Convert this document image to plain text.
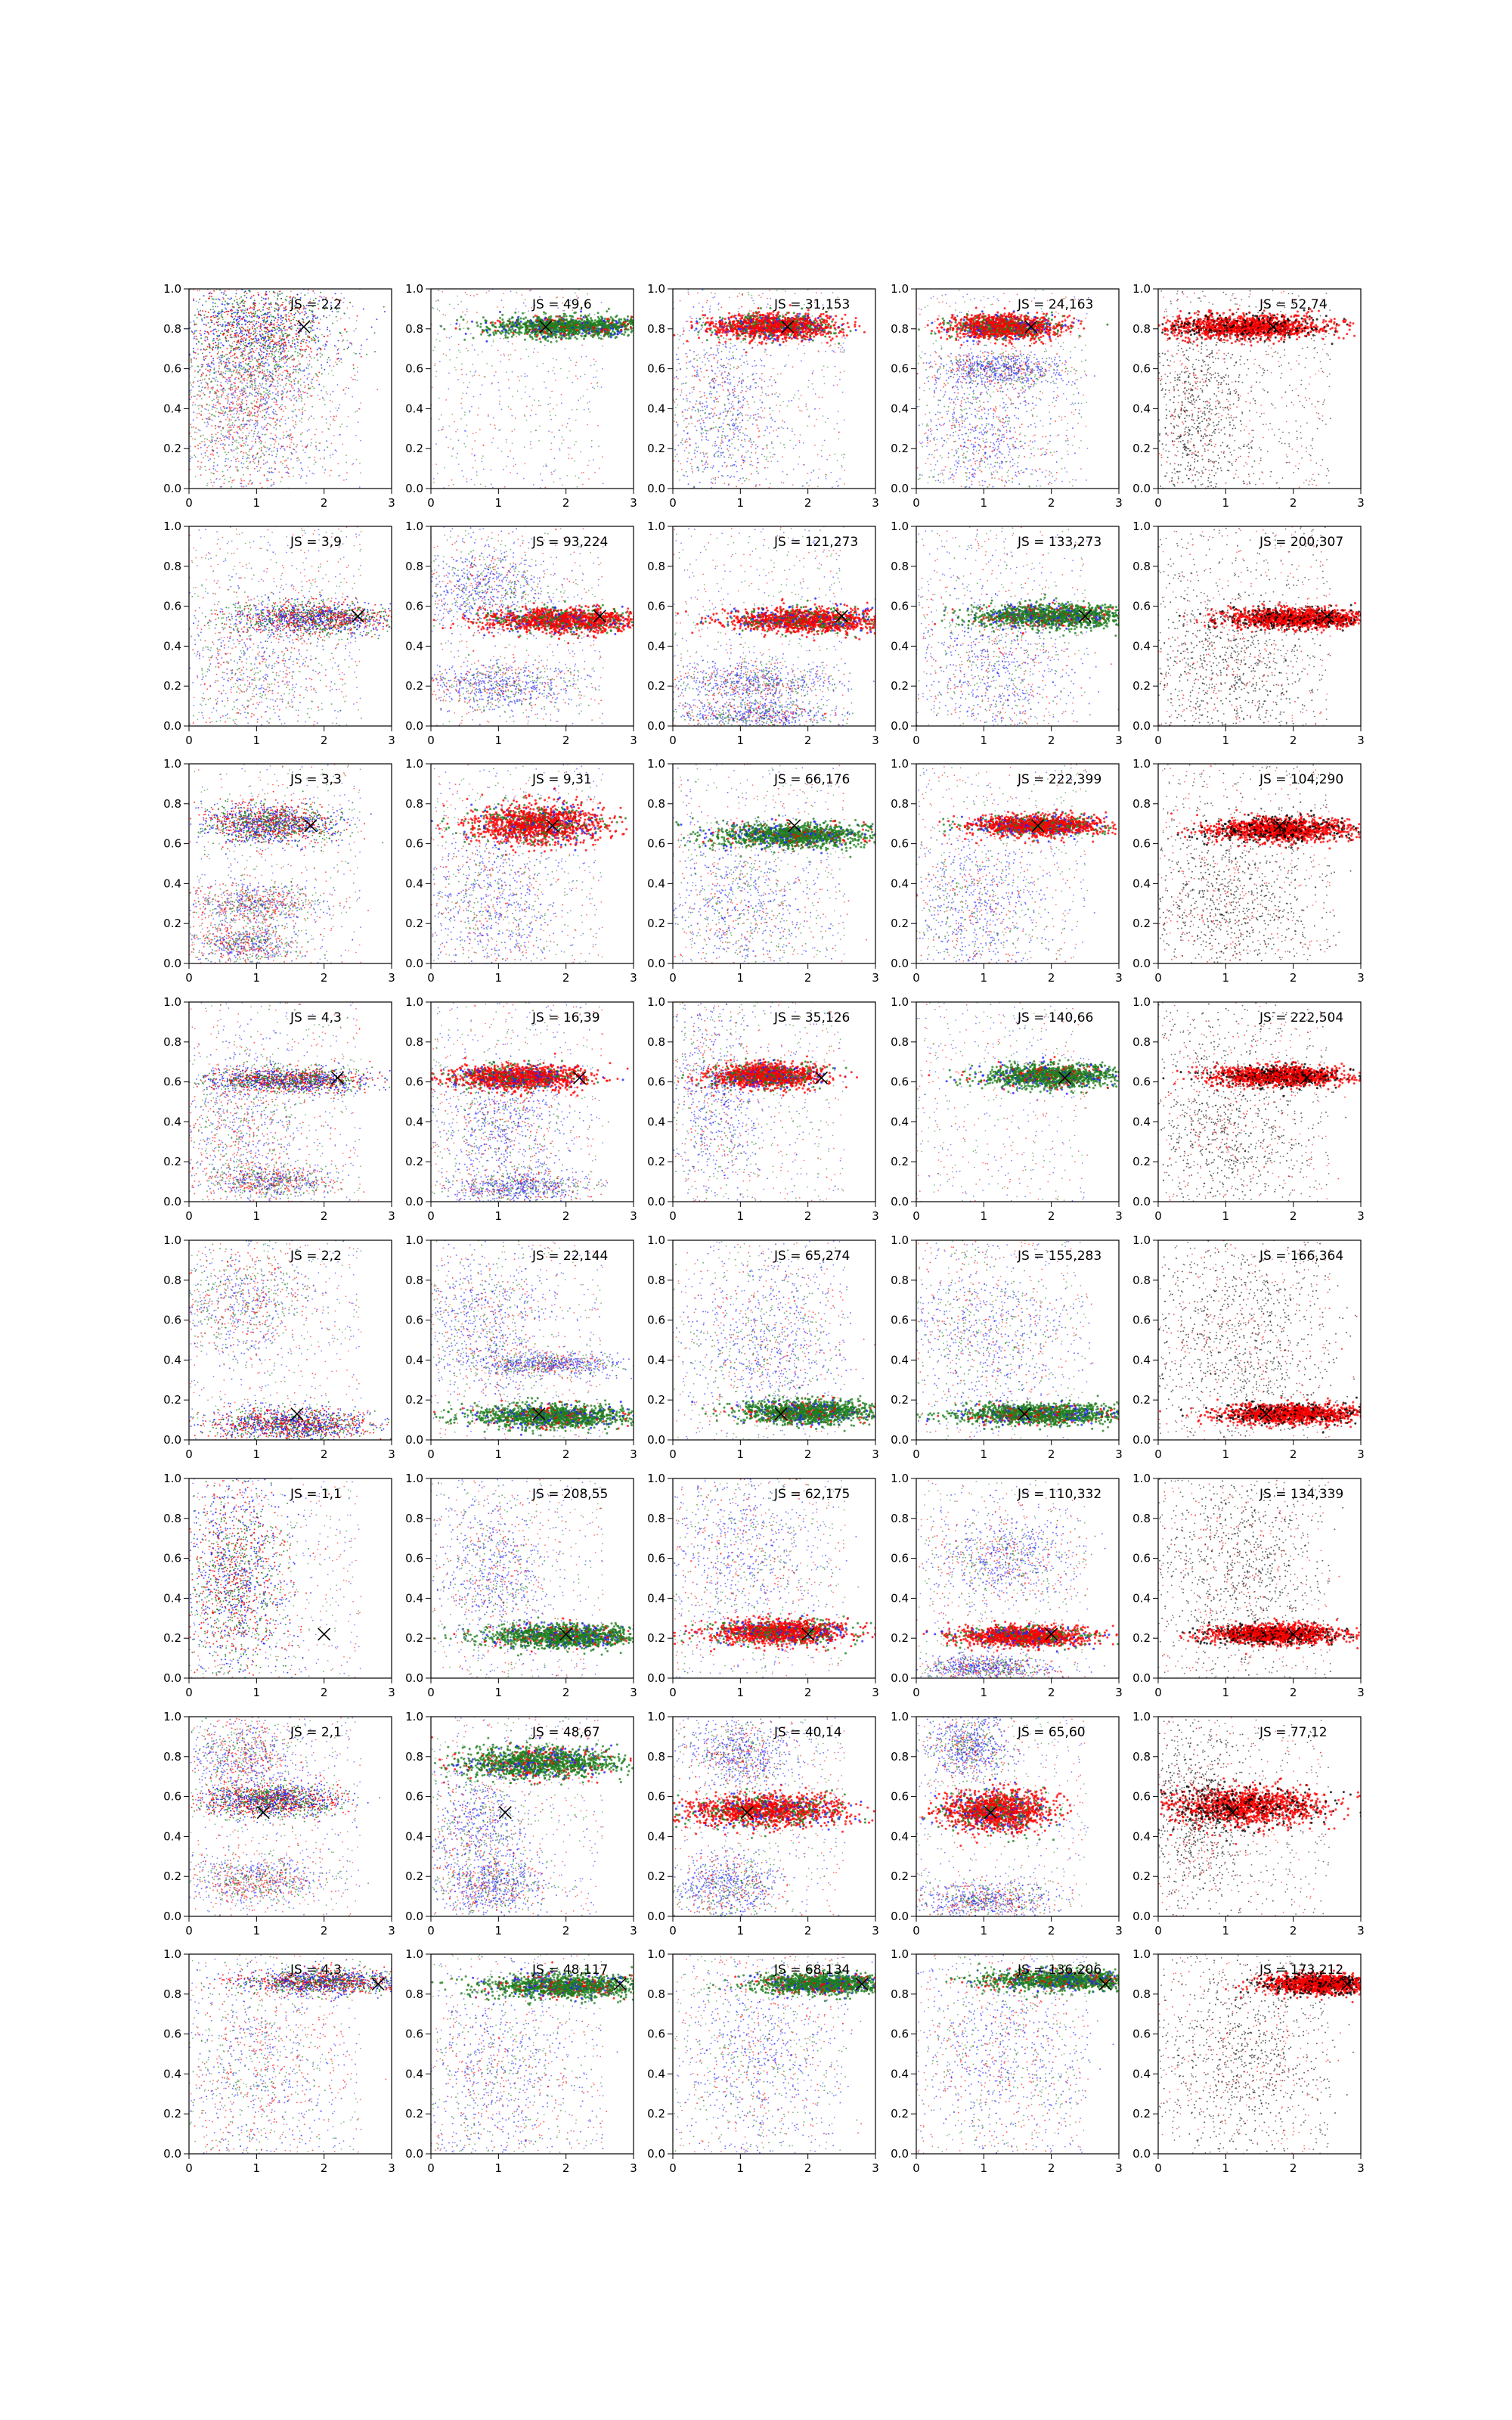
0	1	2	3
0.0
0.2
0.4
0.6
0.8
1.0
JS = 2,2
0	1	2	3
0.0
0.2
0.4
0.6
0.8
1.0
JS = 49,6
0	1	2	3
0.0
0.2
0.4
0.6
0.8
1.0
JS = 31,153
0	1	2	3
0.0
0.2
0.4
0.6
0.8
1.0
JS = 24,163
0	1	2	3
0.0
0.2
0.4
0.6
0.8
1.0
JS = 52,74
0	1	2	3
0.0
0.2
0.4
0.6
0.8
1.0
JS = 3,9
0	1	2	3
0.0
0.2
0.4
0.6
0.8
1.0
JS = 93,224
0	1	2	3
0.0
0.2
0.4
0.6
0.8
1.0
JS = 121,273
0	1	2	3
0.0
0.2
0.4
0.6
0.8
1.0
JS = 133,273
0	1	2	3
0.0
0.2
0.4
0.6
0.8
1.0
JS = 200,307
0	1	2	3
0.0
0.2
0.4
0.6
0.8
1.0
JS = 3,3
0	1	2	3
0.0
0.2
0.4
0.6
0.8
1.0
JS = 9,31
0	1	2	3
0.0
0.2
0.4
0.6
0.8
1.0
JS = 66,176
0	1	2	3
0.0
0.2
0.4
0.6
0.8
1.0
JS = 222,399
0	1	2	3
0.0
0.2
0.4
0.6
0.8
1.0
JS = 104,290
0	1	2	3
0.0
0.2
0.4
0.6
0.8
1.0
JS = 4,3
0	1	2	3
0.0
0.2
0.4
0.6
0.8
1.0
JS = 16,39
0	1	2	3
0.0
0.2
0.4
0.6
0.8
1.0
JS = 35,126
0	1	2	3
0.0
0.2
0.4
0.6
0.8
1.0
JS = 140,66
0	1	2	3
0.0
0.2
0.4
0.6
0.8
1.0
JS = 222,504
0	1	2	3
0.0
0.2
0.4
0.6
0.8
1.0
JS = 2,2
0	1	2	3
0.0
0.2
0.4
0.6
0.8
1.0
JS = 22,144
0	1	2	3
0.0
0.2
0.4
0.6
0.8
1.0
JS = 65,274
0	1	2	3
0.0
0.2
0.4
0.6
0.8
1.0
JS = 155,283
0	1	2	3
0.0
0.2
0.4
0.6
0.8
1.0
JS = 166,364
0	1	2	3
0.0
0.2
0.4
0.6
0.8
1.0
JS = 1,1
0	1	2	3
0.0
0.2
0.4
0.6
0.8
1.0
JS = 208,55
0	1	2	3
0.0
0.2
0.4
0.6
0.8
1.0
JS = 62,175
0	1	2	3
0.0
0.2
0.4
0.6
0.8
1.0
JS = 110,332
0	1	2	3
0.0
0.2
0.4
0.6
0.8
1.0
JS = 134,339
0	1	2	3
0.0
0.2
0.4
0.6
0.8
1.0
JS = 2,1
0	1	2	3
0.0
0.2
0.4
0.6
0.8
1.0
JS = 48,67
0	1	2	3
0.0
0.2
0.4
0.6
0.8
1.0
JS = 40,14
0	1	2	3
0.0
0.2
0.4
0.6
0.8
1.0
JS = 65,60
0	1	2	3
0.0
0.2
0.4
0.6
0.8
1.0
JS = 77,12
0	1	2	3
0.0
0.2
0.4
0.6
0.8
1.0
JS = 4,3
0	1	2	3
0.0
0.2
0.4
0.6
0.8
1.0
JS = 48,117
0	1	2	3
0.0
0.2
0.4
0.6
0.8
1.0
JS = 68,134
0	1	2	3
0.0
0.2
0.4
0.6
0.8
1.0
JS = 136,206
0	1	2	3
0.0
0.2
0.4
0.6
0.8
1.0
JS = 173,212
